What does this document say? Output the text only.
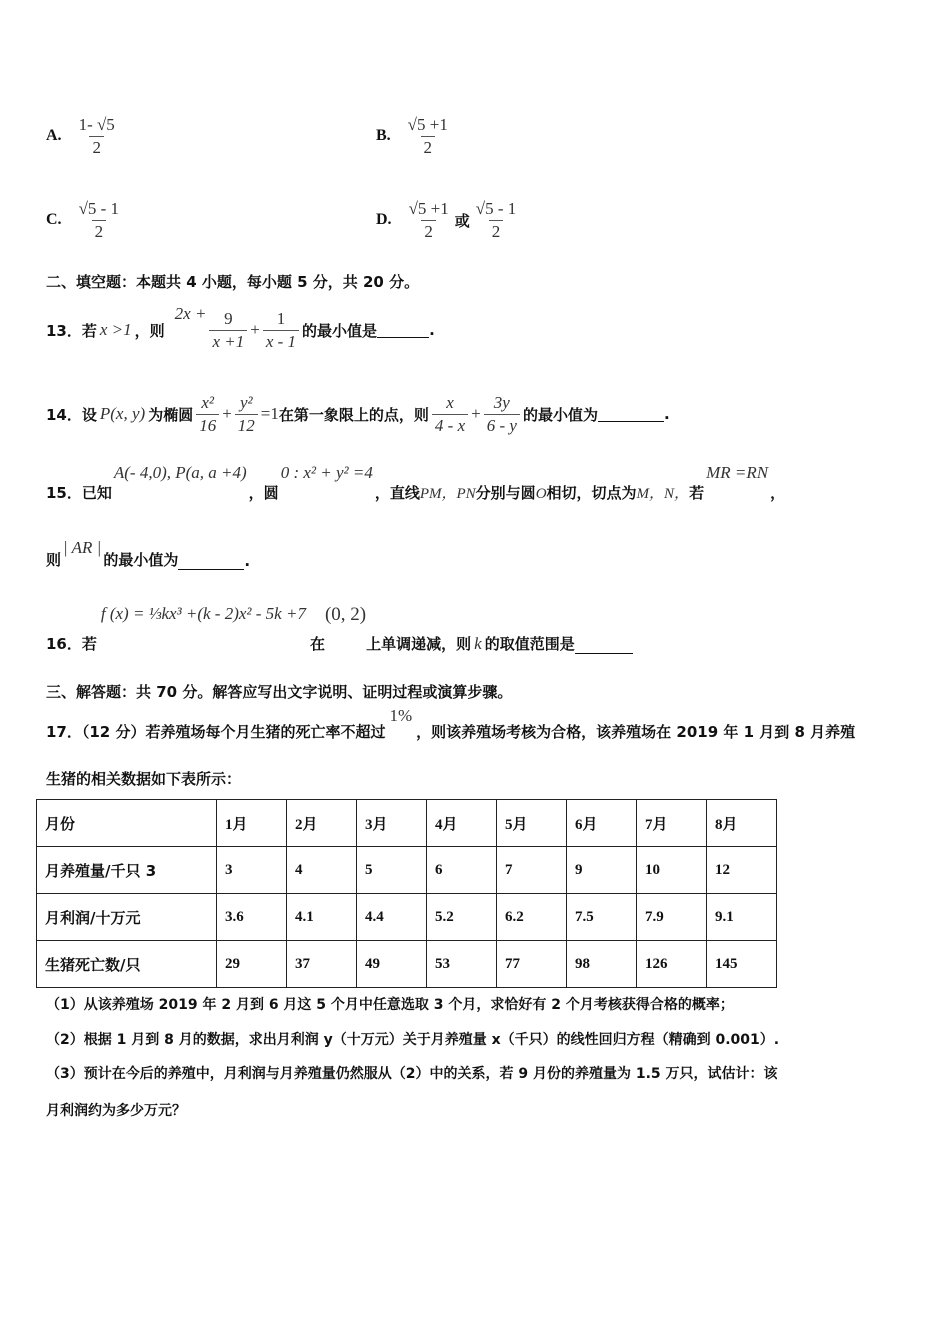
A. $\frac{1- √5}{2}$	B. $\frac{√5 +1}{2}$
C. $\frac{√5 - 1}{2}$	D. $\frac{√5 +1}{2}$ 或 $\frac{√5 - 1}{2}$
二、填空题：本题共 4 小题，每小题 5 分，共 20 分。
13．若 x >1 ，则
$2x + \frac{9}{x +1} + \frac{1}{x - 1}$ 的最小值是	.
14．设 P(x, y) 为椭圆 $\frac{\text{x²}}{16} + \frac{\text{y²}}{12} =1$ 在第一象限上的点，则 $\frac{x}{4 - x} + \frac{3y}{6 - y}$ 的最小值为	.
15．已知
A(- 4,0), P(a, a +4)
，圆
0 : x² + y² =4
，直线 PM，PN 分别与圆 O 相切，切点为 M，N， 若
MR =RN
，
则
| AR |
的最小值为	.
16．若
f (x) = ⅓kx³ +(k - 2)x² - 5k +7
在
(0, 2)
上单调递减，则 k 的取值范围是
三、解答题：共 70 分。解答应写出文字说明、证明过程或演算步骤。
17．（12 分）若养殖场每个月生猪的死亡率不超过
1%
，则该养殖场考核为合格，该养殖场在 2019 年 1 月到 8 月养殖
生猪的相关数据如下表所示：
月份	1月	2月	3月	4月	5月	6月	7月	8月
月养殖量/千只 3	3	4	5	6	7	9	10	12
月利润/十万元	3.6	4.1	4.4	5.2	6.2	7.5	7.9	9.1
生猪死亡数/只	29	37	49	53	77	98	126	145
（1）从该养殖场 2019 年 2 月到 6 月这 5 个月中任意选取 3 个月，求恰好有 2 个月考核获得合格的概率；
（2）根据 1 月到 8 月的数据，求出月利润 y（十万元）关于月养殖量 x（千只）的线性回归方程（精确到 0.001）.
（3）预计在今后的养殖中，月利润与月养殖量仍然服从（2）中的关系，若 9 月份的养殖量为 1.5 万只，试估计：该
月利润约为多少万元？
